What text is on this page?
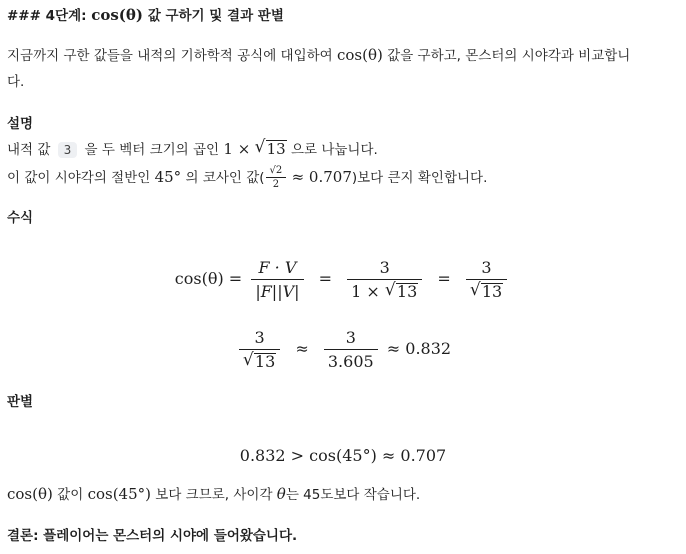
### 4단계: cos(θ) 값 구하기 및 결과 판별
지금까지 구한 값들을 내적의 기하학적 공식에 대입하여 cos(θ) 값을 구하고, 몬스터의 시야각과 비교합니
다.
설명
내적 값 3 을 두 벡터 크기의 곱인 1 × √ 13 으로 나눕니다.
이 값이 시야각의 절반인 45° 의 코사인 값( $\frac{√2}{2} \approx 0.707$)보다 큰지 확인합니다.
수식
$\cos(\theta) = \frac{F \cdot V}{|F||V|} = \frac{3}{1 \times √ 13} = 3$
√ 13
3
√ $13 \approx \frac{3}{3.605} \approx 0.832$
판별
0.832 > cos(45°) ≈ 0.707
cos(θ) 값이 cos(45°) 보다 크므로, 사이각 θ는 45도보다 작습니다.
결론: 플레이어는 몬스터의 시야에 들어왔습니다.
